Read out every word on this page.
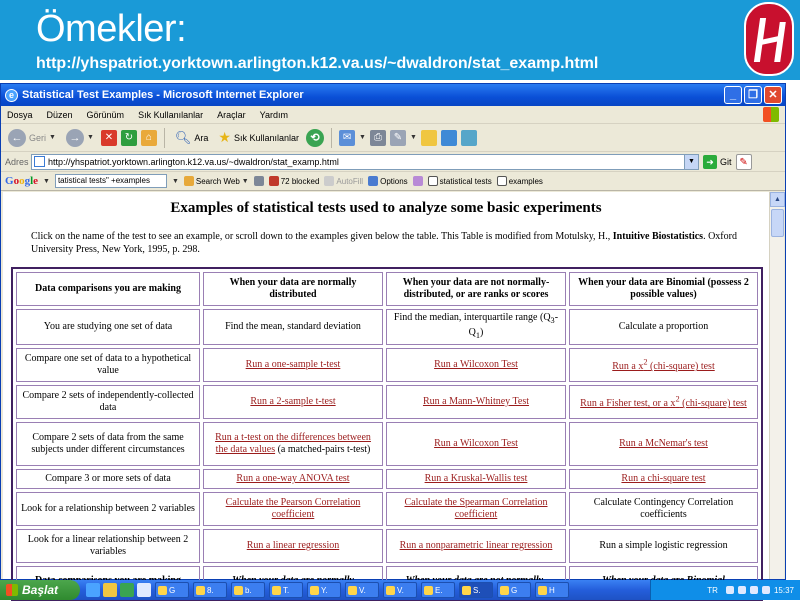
Ömekler:
http://yhspatriot.yorktown.arlington.k12.va.us/~dwaldron/stat_examp.html
e Statistical Test Examples - Microsoft Internet Explorer	_	❐ ✕
Dosya Düzen Görünüm Sık Kullanılanlar Araçlar Yardım
← Geri ▼	→ ▼	✕	↻	⌂	🔍︎ Ara ★ Sık Kullanılanlar	⟲	✉	▼ ⎙	✎	▼
Adres http://yhspatriot.yorktown.arlington.k12.va.us/~dwaldron/stat_examp.html	▼	➜ Git ✎
Google ▼	tatistical tests" +examples	▼ Search Web ▼	72 blocked AutoFill Options	statistical tests examples
Examples of statistical tests used to analyze some basic experiments
Click on the name of the test to see an example, or scroll down to the examples given below the table. This Table is modified from Motulsky, H., Intuitive Biostatistics. Oxford University Press, New York, 1995, p. 298.
Data comparisons you are making	When your data are normally distributed	When your data are not normally-distributed, or are ranks or scores	When your data are Binomial (possess 2 possible values)
You are studying one set of data	Find the mean, standard deviation	Find the median, interquartile range $(Q_3-Q_1)$	Calculate a proportion
Compare one set of data to a hypothetical value	Run a one-sample t-test	Run a Wilcoxon Test	Run a $x^2$ (chi-square) test
Compare 2 sets of independently-collected data	Run a 2-sample t-test	Run a Mann-Whitney Test	Run a Fisher test, or a $x^2$ (chi-square) test
Compare 2 sets of data from the same subjects under different circumstances	Run a t-test on the differences between the data values (a matched-pairs t-test)	Run a Wilcoxon Test	Run a McNemar's test
Compare 3 or more sets of data	Run a one-way ANOVA test	Run a Kruskal-Wallis test	Run a chi-square test
Look for a relationship between 2 variables	Calculate the Pearson Correlation coefficient	Calculate the Spearman Correlation coefficient	Calculate Contingency Correlation coefficients
Look for a linear relationship between 2 variables	Run a linear regression	Run a nonparametric linear regression	Run a simple logistic regression

▲
Başlat	G	8.	b.	T.	Y.	V.	V.	E.	S.	G	H	TR	15:37
